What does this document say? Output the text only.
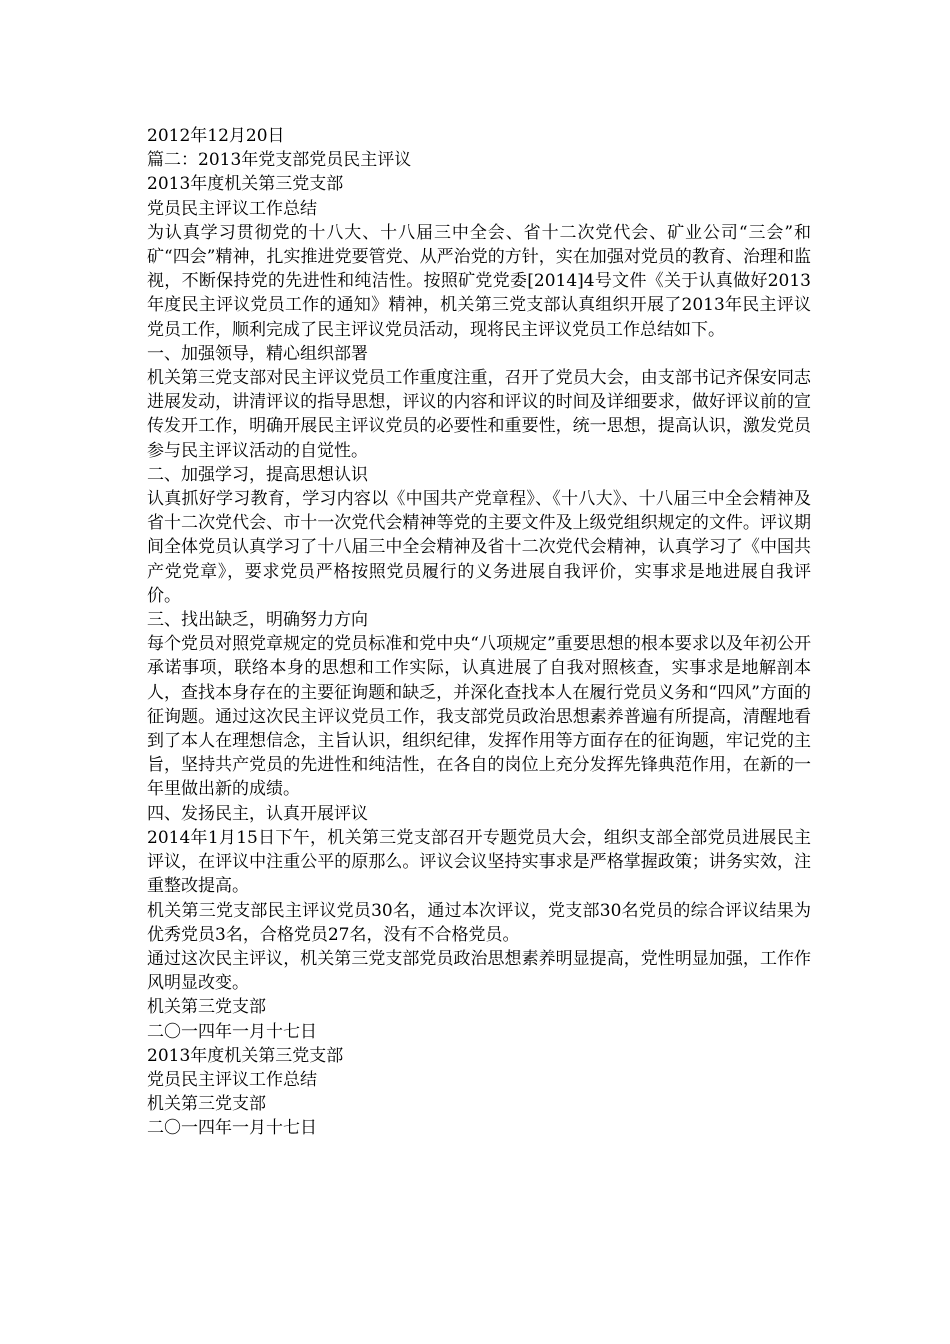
2012年12月20日

篇二：2013年党支部党员民主评议

2013年度机关第三党支部

党员民主评议工作总结

为认真学习贯彻党的十八大、十八届三中全会、省十二次党代会、矿业公司“三会”和矿“四会”精神，扎实推进党要管党、从严治党的方针，实在加强对党员的教育、治理和监视，不断保持党的先进性和纯洁性。按照矿党党委[2014]4号文件《关于认真做好2013年度民主评议党员工作的通知》精神，机关第三党支部认真组织开展了2013年民主评议党员工作，顺利完成了民主评议党员活动，现将民主评议党员工作总结如下。

一、加强领导，精心组织部署

机关第三党支部对民主评议党员工作重度注重，召开了党员大会，由支部书记齐保安同志进展发动，讲清评议的指导思想，评议的内容和评议的时间及详细要求，做好评议前的宣传发开工作，明确开展民主评议党员的必要性和重要性，统一思想，提高认识，激发党员参与民主评议活动的自觉性。

二、加强学习，提高思想认识

认真抓好学习教育，学习内容以《中国共产党章程》、《十八大》、十八届三中全会精神及省十二次党代会、市十一次党代会精神等党的主要文件及上级党组织规定的文件。评议期间全体党员认真学习了十八届三中全会精神及省十二次党代会精神，认真学习了《中国共产党党章》，要求党员严格按照党员履行的义务进展自我评价，实事求是地进展自我评价。

三、找出缺乏，明确努力方向

每个党员对照党章规定的党员标准和党中央“八项规定”重要思想的根本要求以及年初公开承诺事项，联络本身的思想和工作实际，认真进展了自我对照核查，实事求是地解剖本人，查找本身存在的主要征询题和缺乏，并深化查找本人在履行党员义务和“四风”方面的征询题。通过这次民主评议党员工作，我支部党员政治思想素养普遍有所提高，清醒地看到了本人在理想信念，主旨认识，组织纪律，发挥作用等方面存在的征询题，牢记党的主旨，坚持共产党员的先进性和纯洁性，在各自的岗位上充分发挥先锋典范作用，在新的一年里做出新的成绩。

四、发扬民主，认真开展评议

2014年1月15日下午，机关第三党支部召开专题党员大会，组织支部全部党员进展民主评议，在评议中注重公平的原那么。评议会议坚持实事求是严格掌握政策；讲务实效，注重整改提高。

机关第三党支部民主评议党员30名，通过本次评议，党支部30名党员的综合评议结果为优秀党员3名，合格党员27名，没有不合格党员。

通过这次民主评议，机关第三党支部党员政治思想素养明显提高，党性明显加强，工作作风明显改变。

机关第三党支部

二〇一四年一月十七日

2013年度机关第三党支部

党员民主评议工作总结

机关第三党支部

二〇一四年一月十七日
